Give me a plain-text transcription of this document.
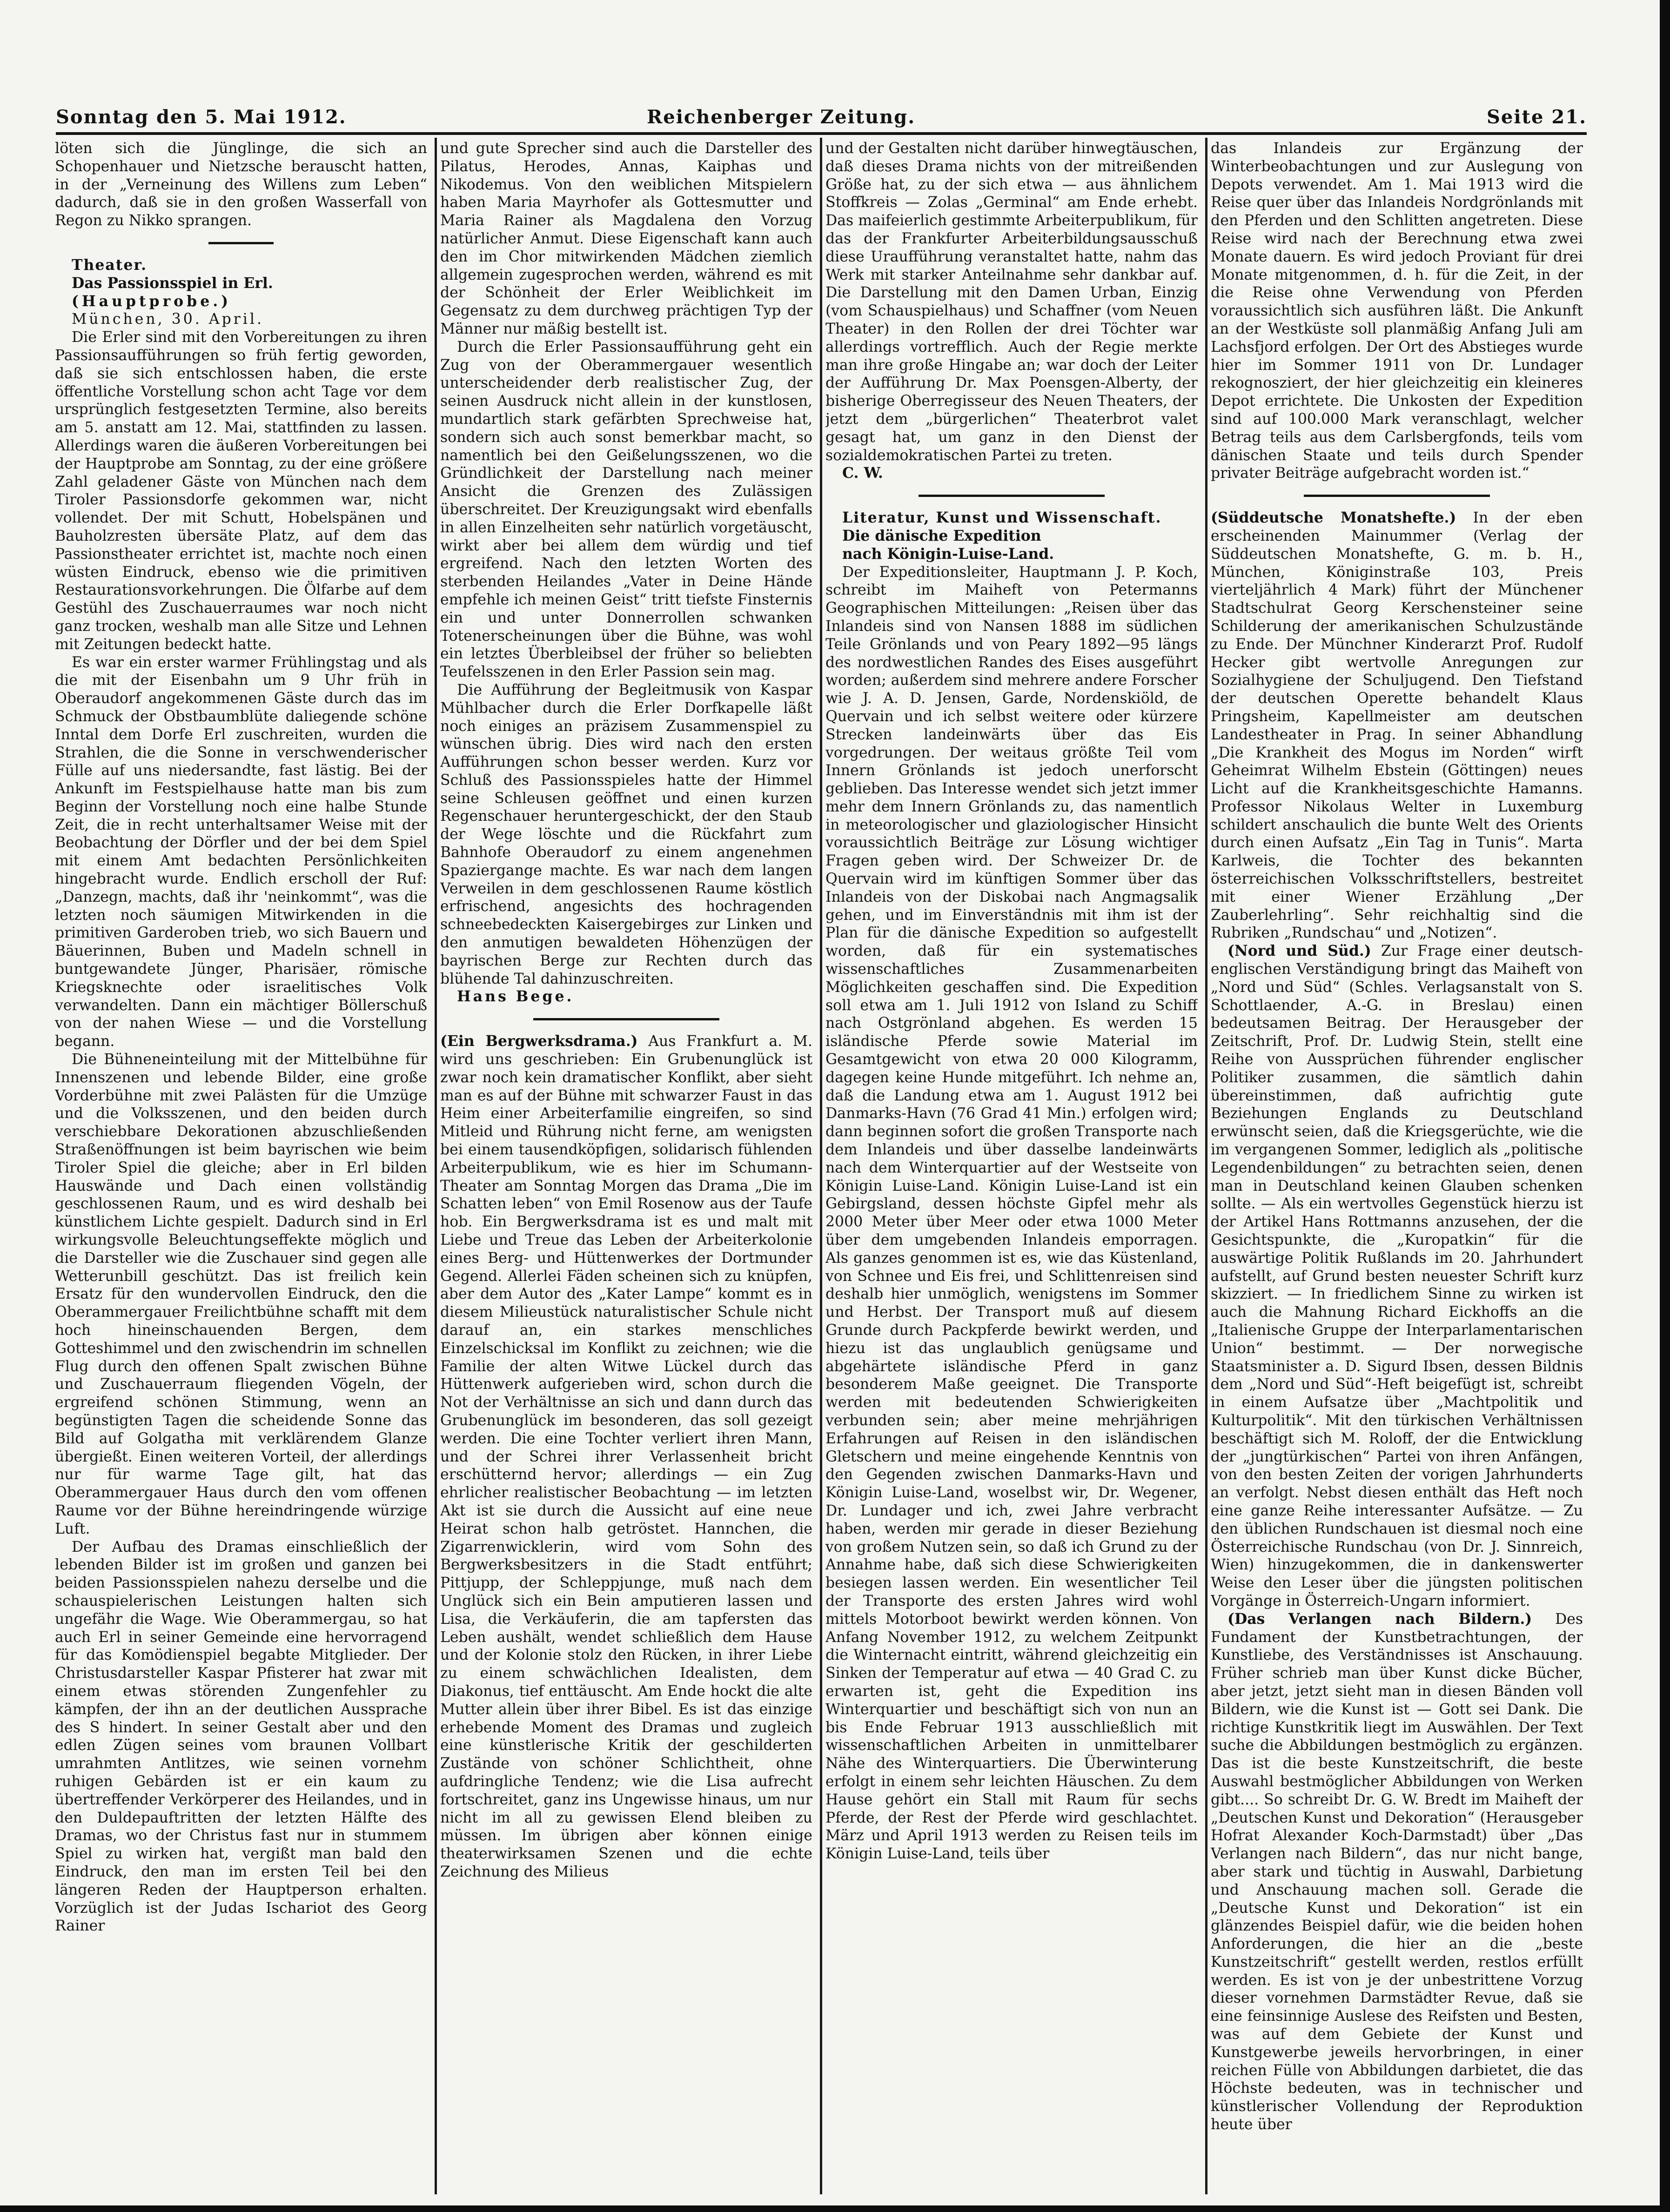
Sonntag den 5. Mai 1912.	Reichenberger Zeitung.	Seite 21.

löten sich die Jünglinge, die sich an Schopenhauer und Nietzsche berauscht hatten, in der „Verneinung des Willens zum Leben“ dadurch, daß sie in den großen Wasserfall von Regon zu Nikko sprangen.

Theater.

Das Passionsspiel in Erl.

(Hauptprobe.)

München, 30. April.

Die Erler sind mit den Vorbereitungen zu ihren Passionsaufführungen so früh fertig geworden, daß sie sich entschlossen haben, die erste öffentliche Vorstellung schon acht Tage vor dem ursprünglich festgesetzten Termine, also bereits am 5. anstatt am 12. Mai, stattfinden zu lassen. Allerdings waren die äußeren Vorbereitungen bei der Hauptprobe am Sonntag, zu der eine größere Zahl geladener Gäste von München nach dem Tiroler Passionsdorfe gekommen war, nicht vollendet. Der mit Schutt, Hobelspänen und Bauholzresten übersäte Platz, auf dem das Passionstheater errichtet ist, machte noch einen wüsten Eindruck, ebenso wie die primitiven Restaurationsvorkehrungen. Die Ölfarbe auf dem Gestühl des Zuschauerraumes war noch nicht ganz trocken, weshalb man alle Sitze und Lehnen mit Zeitungen bedeckt hatte.

Es war ein erster warmer Frühlingstag und als die mit der Eisenbahn um 9 Uhr früh in Oberaudorf angekommenen Gäste durch das im Schmuck der Obstbaumblüte daliegende schöne Inntal dem Dorfe Erl zuschreiten, wurden die Strahlen, die die Sonne in verschwenderischer Fülle auf uns niedersandte, fast lästig. Bei der Ankunft im Festspielhause hatte man bis zum Beginn der Vorstellung noch eine halbe Stunde Zeit, die in recht unterhaltsamer Weise mit der Beobachtung der Dörfler und der bei dem Spiel mit einem Amt bedachten Persönlichkeiten hingebracht wurde. Endlich erscholl der Ruf: „Danzegn, machts, daß ihr 'neinkommt“, was die letzten noch säumigen Mitwirkenden in die primitiven Garderoben trieb, wo sich Bauern und Bäuerinnen, Buben und Madeln schnell in buntgewandete Jünger, Pharisäer, römische Kriegsknechte oder israelitisches Volk verwandelten. Dann ein mächtiger Böllerschuß von der nahen Wiese — und die Vorstellung begann.

Die Bühneneinteilung mit der Mittelbühne für Innenszenen und lebende Bilder, eine große Vorderbühne mit zwei Palästen für die Umzüge und die Volksszenen, und den beiden durch verschiebbare Dekorationen abzuschließenden Straßenöffnungen ist beim bayrischen wie beim Tiroler Spiel die gleiche; aber in Erl bilden Hauswände und Dach einen vollständig geschlossenen Raum, und es wird deshalb bei künstlichem Lichte gespielt. Dadurch sind in Erl wirkungsvolle Beleuchtungseffekte möglich und die Darsteller wie die Zuschauer sind gegen alle Wetterunbill geschützt. Das ist freilich kein Ersatz für den wundervollen Eindruck, den die Oberammergauer Freilichtbühne schafft mit dem hoch hineinschauenden Bergen, dem Gotteshimmel und den zwischendrin im schnellen Flug durch den offenen Spalt zwischen Bühne und Zuschauerraum fliegenden Vögeln, der ergreifend schönen Stimmung, wenn an begünstigten Tagen die scheidende Sonne das Bild auf Golgatha mit verklärendem Glanze übergießt. Einen weiteren Vorteil, der allerdings nur für warme Tage gilt, hat das Oberammergauer Haus durch den vom offenen Raume vor der Bühne hereindringende würzige Luft.

Der Aufbau des Dramas einschließlich der lebenden Bilder ist im großen und ganzen bei beiden Passionsspielen nahezu derselbe und die schauspielerischen Leistungen halten sich ungefähr die Wage. Wie Oberammergau, so hat auch Erl in seiner Gemeinde eine hervorragend für das Komödienspiel begabte Mitglieder. Der Christusdarsteller Kaspar Pfisterer hat zwar mit einem etwas störenden Zungenfehler zu kämpfen, der ihn an der deutlichen Aussprache des S hindert. In seiner Gestalt aber und den edlen Zügen seines vom braunen Vollbart umrahmten Antlitzes, wie seinen vornehm ruhigen Gebärden ist er ein kaum zu übertreffender Verkörperer des Heilandes, und in den Duldерauftritten der letzten Hälfte des Dramas, wo der Christus fast nur in stummem Spiel zu wirken hat, vergißt man bald den Eindruck, den man im ersten Teil bei den längeren Reden der Hauptperson erhalten. Vorzüglich ist der Judas Ischariot des Georg Rainer

und gute Sprecher sind auch die Darsteller des Pilatus, Herodes, Annas, Kaiphas und Nikodemus. Von den weiblichen Mitspielern haben Maria Mayrhofer als Gottesmutter und Maria Rainer als Magdalena den Vorzug natürlicher Anmut. Diese Eigenschaft kann auch den im Chor mitwirkenden Mädchen ziemlich allgemein zugesprochen werden, während es mit der Schönheit der Erler Weiblichkeit im Gegensatz zu dem durchweg prächtigen Typ der Männer nur mäßig bestellt ist.

Durch die Erler Passionsaufführung geht ein Zug von der Oberammergauer wesentlich unterscheidender derb realistischer Zug, der seinen Ausdruck nicht allein in der kunstlosen, mundartlich stark gefärbten Sprechweise hat, sondern sich auch sonst bemerkbar macht, so namentlich bei den Geißelungsszenen, wo die Gründlichkeit der Darstellung nach meiner Ansicht die Grenzen des Zulässigen überschreitet. Der Kreuzigungsakt wird ebenfalls in allen Einzelheiten sehr natürlich vorgetäuscht, wirkt aber bei allem dem würdig und tief ergreifend. Nach den letzten Worten des sterbenden Heilandes „Vater in Deine Hände empfehle ich meinen Geist“ tritt tiefste Finsternis ein und unter Donnerrollen schwanken Totenerscheinungen über die Bühne, was wohl ein letztes Überbleibsel der früher so beliebten Teufelsszenen in den Erler Passion sein mag.

Die Aufführung der Begleitmusik von Kaspar Mühlbacher durch die Erler Dorfkapelle läßt noch einiges an präzisem Zusammenspiel zu wünschen übrig. Dies wird nach den ersten Aufführungen schon besser werden. Kurz vor Schluß des Passionsspieles hatte der Himmel seine Schleusen geöffnet und einen kurzen Regenschauer heruntergeschickt, der den Staub der Wege löschte und die Rückfahrt zum Bahnhofe Oberaudorf zu einem angenehmen Spaziergange machte. Es war nach dem langen Verweilen in dem geschlossenen Raume köstlich erfrischend, angesichts des hochragenden schneebedeckten Kaisergebirges zur Linken und den anmutigen bewaldeten Höhenzügen der bayrischen Berge zur Rechten durch das blühende Tal dahinzuschreiten.

Hans Bege.

(Ein Bergwerksdrama.) Aus Frankfurt a. M. wird uns geschrieben: Ein Grubenunglück ist zwar noch kein dramatischer Konflikt, aber sieht man es auf der Bühne mit schwarzer Faust in das Heim einer Arbeiterfamilie eingreifen, so sind Mitleid und Rührung nicht ferne, am wenigsten bei einem tausendköpfigen, solidarisch fühlenden Arbeiterpublikum, wie es hier im Schumann-Theater am Sonntag Morgen das Drama „Die im Schatten leben“ von Emil Rosenow aus der Taufe hob. Ein Bergwerksdrama ist es und malt mit Liebe und Treue das Leben der Arbeiterkolonie eines Berg- und Hüttenwerkes der Dortmunder Gegend. Allerlei Fäden scheinen sich zu knüpfen, aber dem Autor des „Kater Lampe“ kommt es in diesem Milieustück naturalistischer Schule nicht darauf an, ein starkes menschliches Einzelschicksal im Konflikt zu zeichnen; wie die Familie der alten Witwe Lückel durch das Hüttenwerk aufgerieben wird, schon durch die Not der Verhältnisse an sich und dann durch das Grubenunglück im besonderen, das soll gezeigt werden. Die eine Tochter verliert ihren Mann, und der Schrei ihrer Verlassenheit bricht erschütternd hervor; allerdings — ein Zug ehrlicher realistischer Beobachtung — im letzten Akt ist sie durch die Aussicht auf eine neue Heirat schon halb getröstet. Hannchen, die Zigarrenwicklerin, wird vom Sohn des Bergwerksbesitzers in die Stadt entführt; Pittjupp, der Schleppjunge, muß nach dem Unglück sich ein Bein amputieren lassen und Lisa, die Verkäuferin, die am tapfersten das Leben aushält, wendet schließlich dem Hause und der Kolonie stolz den Rücken, in ihrer Liebe zu einem schwächlichen Idealisten, dem Diakonus, tief enttäuscht. Am Ende hockt die alte Mutter allein über ihrer Bibel. Es ist das einzige erhebende Moment des Dramas und zugleich eine künstlerische Kritik der geschilderten Zustände von schöner Schlichtheit, ohne aufdringliche Tendenz; wie die Lisa aufrecht fortschreitet, ganz ins Ungewisse hinaus, um nur nicht im all zu gewissen Elend bleiben zu müssen. Im übrigen aber können einige theaterwirksamen Szenen und die echte Zeichnung des Milieus

und der Gestalten nicht darüber hinwegtäuschen, daß dieses Drama nichts von der mitreißenden Größe hat, zu der sich etwa — aus ähnlichem Stoffkreis — Zolas „Germinal“ am Ende erhebt. Das maifeierlich gestimmte Arbeiterpublikum, für das der Frankfurter Arbeiterbildungsausschuß diese Uraufführung veranstaltet hatte, nahm das Werk mit starker Anteilnahme sehr dankbar auf. Die Darstellung mit den Damen Urban, Einzig (vom Schauspielhaus) und Schaffner (vom Neuen Theater) in den Rollen der drei Töchter war allerdings vortrefflich. Auch der Regie merkte man ihre große Hingabe an; war doch der Leiter der Aufführung Dr. Max Poensgen-Alberty, der bisherige Oberregisseur des Neuen Theaters, der jetzt dem „bürgerlichen“ Theaterbrot valet gesagt hat, um ganz in den Dienst der sozialdemokratischen Partei zu treten.

C. W.

Literatur, Kunst und Wissenschaft.

Die dänische Expedition

nach Königin-Luise-Land.

Der Expeditionsleiter, Hauptmann J. P. Koch, schreibt im Maiheft von Petermanns Geographischen Mitteilungen: „Reisen über das Inlandeis sind von Nansen 1888 im südlichen Teile Grönlands und von Peary 1892—95 längs des nordwestlichen Randes des Eises ausgeführt worden; außerdem sind mehrere andere Forscher wie J. A. D. Jensen, Garde, Nordenskiöld, de Quervain und ich selbst weitere oder kürzere Strecken landeinwärts über das Eis vorgedrungen. Der weitaus größte Teil vom Innern Grönlands ist jedoch unerforscht geblieben. Das Interesse wendet sich jetzt immer mehr dem Innern Grönlands zu, das namentlich in meteorologischer und glaziologischer Hinsicht voraussichtlich Beiträge zur Lösung wichtiger Fragen geben wird. Der Schweizer Dr. de Quervain wird im künftigen Sommer über das Inlandeis von der Diskobai nach Angmagsalik gehen, und im Einverständnis mit ihm ist der Plan für die dänische Expedition so aufgestellt worden, daß für ein systematisches wissenschaftliches Zusammenarbeiten Möglichkeiten geschaffen sind. Die Expedition soll etwa am 1. Juli 1912 von Island zu Schiff nach Ostgrönland abgehen. Es werden 15 isländische Pferde sowie Material im Gesamtgewicht von etwa 20 000 Kilogramm, dagegen keine Hunde mitgeführt. Ich nehme an, daß die Landung etwa am 1. August 1912 bei Danmarks-Havn (76 Grad 41 Min.) erfolgen wird; dann beginnen sofort die großen Transporte nach dem Inlandeis und über dasselbe landeinwärts nach dem Winterquartier auf der Westseite von Königin Luise-Land. Königin Luise-Land ist ein Gebirgsland, dessen höchste Gipfel mehr als 2000 Meter über Meer oder etwa 1000 Meter über dem umgebenden Inlandeis emporragen. Als ganzes genommen ist es, wie das Küstenland, von Schnee und Eis frei, und Schlittenreisen sind deshalb hier unmöglich, wenigstens im Sommer und Herbst. Der Transport muß auf diesem Grunde durch Packpferde bewirkt werden, und hiezu ist das unglaublich genügsame und abgehärtete isländische Pferd in ganz besonderem Maße geeignet. Die Transporte werden mit bedeutenden Schwierigkeiten verbunden sein; aber meine mehrjährigen Erfahrungen auf Reisen in den isländischen Gletschern und meine eingehende Kenntnis von den Gegenden zwischen Danmarks-Havn und Königin Luise-Land, woselbst wir, Dr. Wegener, Dr. Lundager und ich, zwei Jahre verbracht haben, werden mir gerade in dieser Beziehung von großem Nutzen sein, so daß ich Grund zu der Annahme habe, daß sich diese Schwierigkeiten besiegen lassen werden. Ein wesentlicher Teil der Transporte des ersten Jahres wird wohl mittels Motorboot bewirkt werden können. Von Anfang November 1912, zu welchem Zeitpunkt die Winternacht eintritt, während gleichzeitig ein Sinken der Temperatur auf etwa — 40 Grad C. zu erwarten ist, geht die Expedition ins Winterquartier und beschäftigt sich von nun an bis Ende Februar 1913 ausschließlich mit wissenschaftlichen Arbeiten in unmittelbarer Nähe des Winterquartiers. Die Überwinterung erfolgt in einem sehr leichten Häuschen. Zu dem Hause gehört ein Stall mit Raum für sechs Pferde, der Rest der Pferde wird geschlachtet. März und April 1913 werden zu Reisen teils im Königin Luise-Land, teils über

das Inlandeis zur Ergänzung der Winterbeobachtungen und zur Auslegung von Depots verwendet. Am 1. Mai 1913 wird die Reise quer über das Inlandeis Nordgrönlands mit den Pferden und den Schlitten angetreten. Diese Reise wird nach der Berechnung etwa zwei Monate dauern. Es wird jedoch Proviant für drei Monate mitgenommen, d. h. für die Zeit, in der die Reise ohne Verwendung von Pferden voraussichtlich sich ausführen läßt. Die Ankunft an der Westküste soll planmäßig Anfang Juli am Lachsfjord erfolgen. Der Ort des Abstieges wurde hier im Sommer 1911 von Dr. Lundager rekognosziert, der hier gleichzeitig ein kleineres Depot errichtete. Die Unkosten der Expedition sind auf 100.000 Mark veranschlagt, welcher Betrag teils aus dem Carlsbergfonds, teils vom dänischen Staate und teils durch Spender privater Beiträge aufgebracht worden ist.“

(Süddeutsche Monatshefte.) In der eben erscheinenden Mainummer (Verlag der Süddeutschen Monatshefte, G. m. b. H., München, Königinstraße 103, Preis vierteljährlich 4 Mark) führt der Münchener Stadtschulrat Georg Kerschensteiner seine Schilderung der amerikanischen Schulzustände zu Ende. Der Münchner Kinderarzt Prof. Rudolf Hecker gibt wertvolle Anregungen zur Sozialhygiene der Schuljugend. Den Tiefstand der deutschen Operette behandelt Klaus Pringsheim, Kapellmeister am deutschen Landestheater in Prag. In seiner Abhandlung „Die Krankheit des Mogus im Norden“ wirft Geheimrat Wilhelm Ebstein (Göttingen) neues Licht auf die Krankheitsgeschichte Hamanns. Professor Nikolaus Welter in Luxemburg schildert anschaulich die bunte Welt des Orients durch einen Aufsatz „Ein Tag in Tunis“. Marta Karlweis, die Tochter des bekannten österreichischen Volksschriftstellers, bestreitet mit einer Wiener Erzählung „Der Zauberlehrling“. Sehr reichhaltig sind die Rubriken „Rundschau“ und „Notizen“.

(Nord und Süd.) Zur Frage einer deutsch-englischen Verständigung bringt das Maiheft von „Nord und Süd“ (Schles. Verlagsanstalt von S. Schottlaender, A.-G. in Breslau) einen bedeutsamen Beitrag. Der Herausgeber der Zeitschrift, Prof. Dr. Ludwig Stein, stellt eine Reihe von Aussprüchen führender englischer Politiker zusammen, die sämtlich dahin übereinstimmen, daß aufrichtig gute Beziehungen Englands zu Deutschland erwünscht seien, daß die Kriegsgerüchte, wie die im vergangenen Sommer, lediglich als „politische Legendenbildungen“ zu betrachten seien, denen man in Deutschland keinen Glauben schenken sollte. — Als ein wertvolles Gegenstück hierzu ist der Artikel Hans Rottmanns anzusehen, der die Gesichtspunkte, die „Kuropatkin“ für die auswärtige Politik Rußlands im 20. Jahrhundert aufstellt, auf Grund besten neuester Schrift kurz skizziert. — In friedlichem Sinne zu wirken ist auch die Mahnung Richard Eickhoffs an die „Italienische Gruppe der Interparlamentarischen Union“ bestimmt. — Der norwegische Staatsminister a. D. Sigurd Ibsen, dessen Bildnis dem „Nord und Süd“-Heft beigefügt ist, schreibt in einem Aufsatze über „Machtpolitik und Kulturpolitik“. Mit den türkischen Verhältnissen beschäftigt sich M. Roloff, der die Entwicklung der „jungtürkischen“ Partei von ihren Anfängen, von den besten Zeiten der vorigen Jahrhunderts an verfolgt. Nebst diesen enthält das Heft noch eine ganze Reihe interessanter Aufsätze. — Zu den üblichen Rundschauen ist diesmal noch eine Österreichische Rundschau (von Dr. J. Sinnreich, Wien) hinzugekommen, die in dankenswerter Weise den Leser über die jüngsten politischen Vorgänge in Österreich-Ungarn informiert.

(Das Verlangen nach Bildern.) Des Fundament der Kunstbetrachtungen, der Kunstliebe, des Verständnisses ist Anschauung. Früher schrieb man über Kunst dicke Bücher, aber jetzt, jetzt sieht man in diesen Bänden voll Bildern, wie die Kunst ist — Gott sei Dank. Die richtige Kunstkritik liegt im Auswählen. Der Text suche die Abbildungen bestmöglich zu ergänzen. Das ist die beste Kunstzeitschrift, die beste Auswahl bestmöglicher Abbildungen von Werken gibt.... So schreibt Dr. G. W. Bredt im Maiheft der „Deutschen Kunst und Dekoration“ (Herausgeber Hofrat Alexander Koch-Darmstadt) über „Das Verlangen nach Bildern“, das nur nicht bange, aber stark und tüchtig in Auswahl, Darbietung und Anschauung machen soll. Gerade die „Deutsche Kunst und Dekoration“ ist ein glänzendes Beispiel dafür, wie die beiden hohen Anforderungen, die hier an die „beste Kunstzeitschrift“ gestellt werden, restlos erfüllt werden. Es ist von je der unbestrittene Vorzug dieser vornehmen Darmstädter Revue, daß sie eine feinsinnige Auslese des Reifsten und Besten, was auf dem Gebiete der Kunst und Kunstgewerbe jeweils hervorbringen, in einer reichen Fülle von Abbildungen darbietet, die das Höchste bedeuten, was in technischer und künstlerischer Vollendung der Reproduktion heute über
